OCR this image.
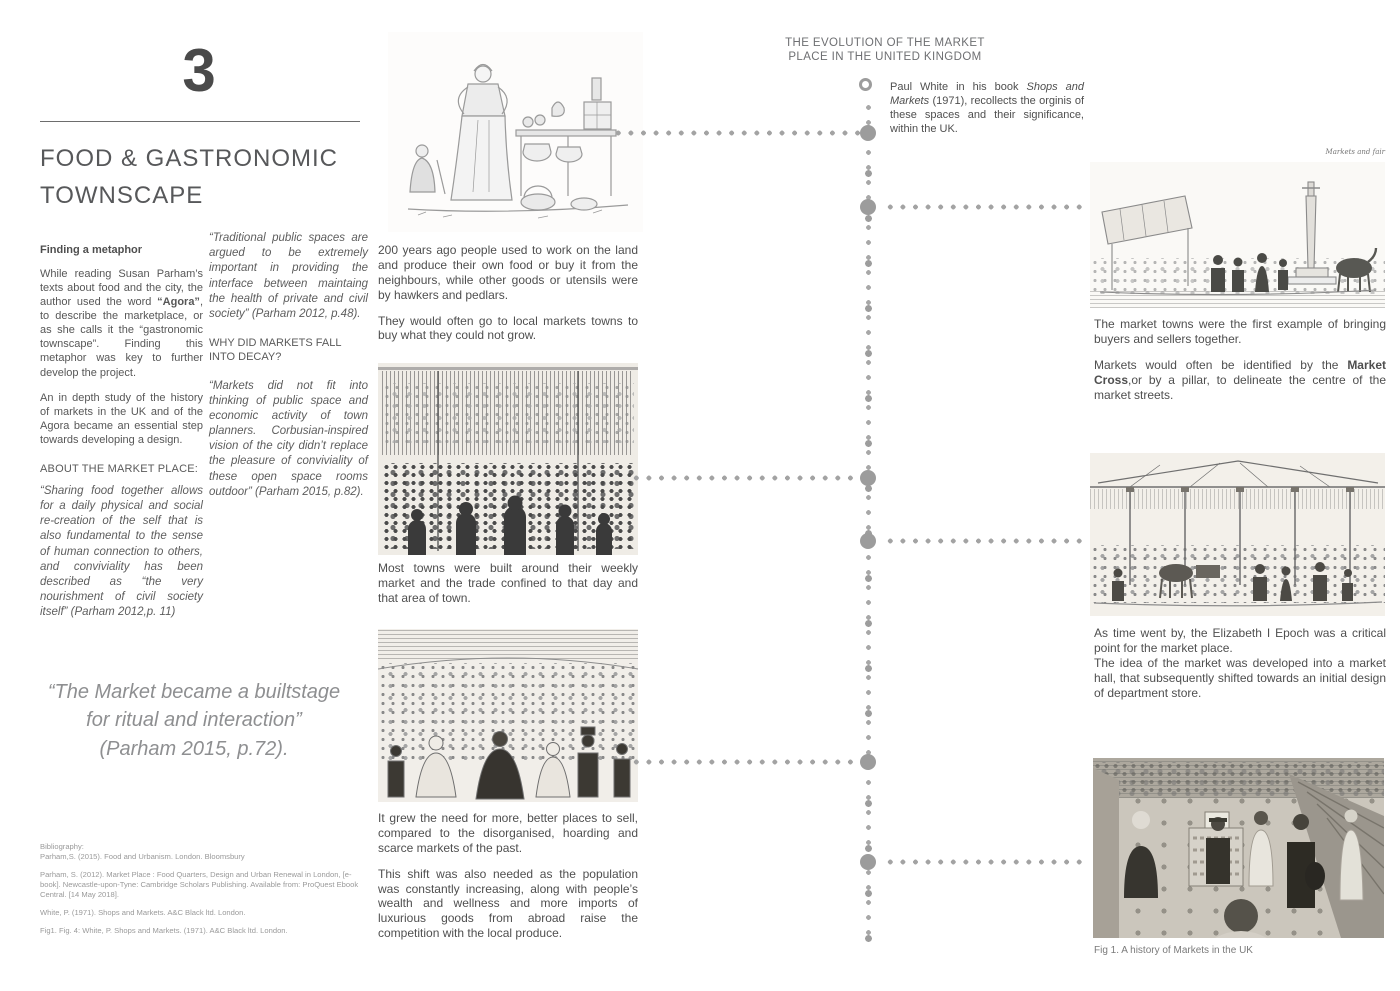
3
FOOD & GASTRONOMIC
TOWNSCAPE
Finding a metaphor

While reading Susan Parham’s texts about food and the city, the author used the word “Agora”, to describe the marketplace, or as she calls it the “gastronomic townscape”. Finding this metaphor was key to further develop the project.

An in depth study of the history of markets in the UK and of the Agora became an essential step towards developing a design.

ABOUT THE MARKET PLACE:

“Sharing food together allows for a daily physical and social re-creation of the self that is also fundamental to the sense of human connection to others, and conviviality has been described as “the very nourishment of civil society itself” (Parham 2012,p. 11)

“Traditional public spaces are argued to be extremely important in providing the interface between maintaing the health of private and civil society” (Parham 2012, p.48).

WHY DID MARKETS FALL INTO DECAY?

“Markets did not fit into thinking of public space and economic activity of town planners. Corbusian-inspired vision of the city didn’t replace the pleasure of conviviality of these open space rooms outdoor” (Parham 2015, p.82).

“The Market became a builtstage
for ritual and interaction”
(Parham 2015, p.72).

Bibliography:

Parham,S. (2015). Food and Urbanism. London. Bloomsbury

Parham, S. (2012). Market Place : Food Quarters, Design and Urban Renewal in London, [e-book]. Newcastle-upon-Tyne: Cambridge Scholars Publishing. Available from: ProQuest Ebook Central. [14 May 2018].

White, P. (1971). Shops and Markets. A&C Black ltd. London.

Fig1. Fig. 4: White, P. Shops and Markets. (1971). A&C Black ltd. London.

200 years ago people used to work on the land and produce their own food or buy it from the neighbours, while other goods or utensils were by hawkers and pedlars.

They would often go to local markets towns to buy what they could not grow.

Most towns were built around their weekly market and the trade confined to that day and that area of town.

It grew the need for more, better places to sell, compared to the disorganised, hoarding and scarce markets of the past.

This shift was also needed as the population was constantly increasing, along with people’s wealth and wellness and more imports of luxurious goods from abroad raise the competition with the local produce.

THE EVOLUTION OF THE MARKET
PLACE IN THE UNITED KINGDOM
Paul White in his book Shops and Markets (1971), recollects the orginis of these spaces and their significance, within the UK.
Markets and fair

The market towns were the first example of bringing buyers and sellers together.

Markets would often be identified by the Market Cross,or by a pillar, to delineate the centre of the market streets.

As time went by, the Elizabeth I Epoch was a critical point for the market place.

The idea of the market was developed into a market hall, that subsequently shifted towards an initial design of department store.

Fig 1. A history of Markets in the UK
